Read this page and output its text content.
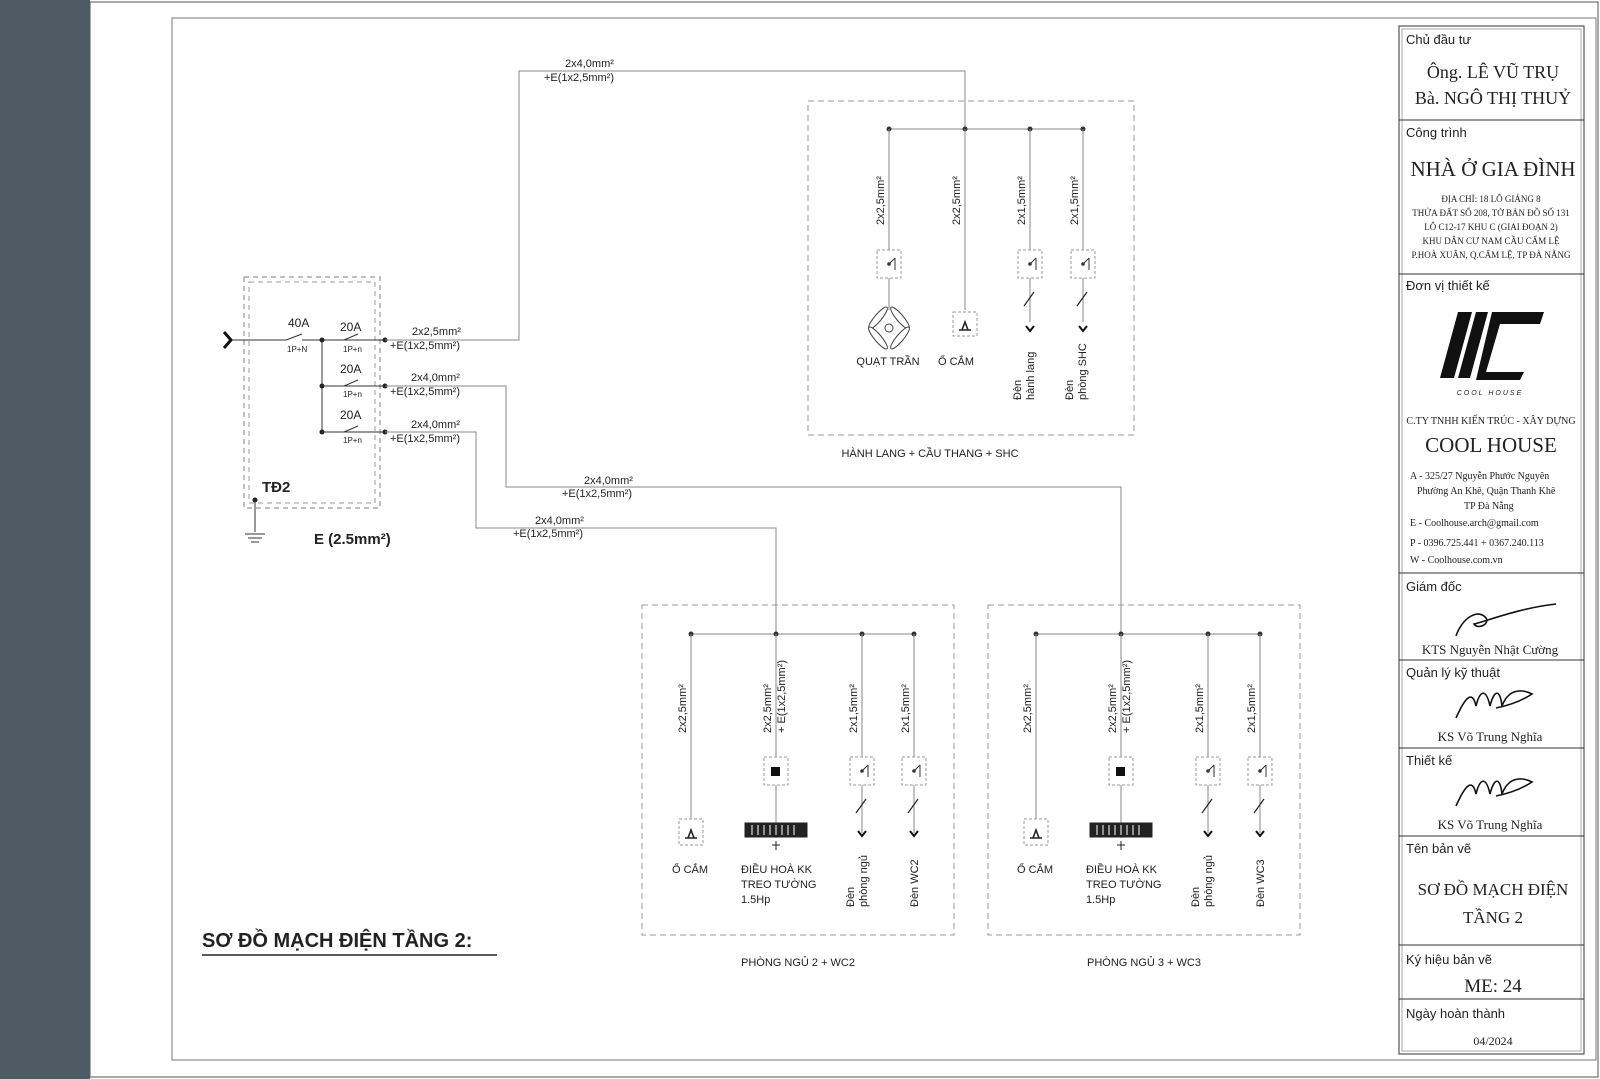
40A
1P+N
20A
1P+n
20A
1P+n
20A
1P+n
TĐ2
E (2.5mm²)
2x2,5mm²
+E(1x2,5mm²)
2x4,0mm²
+E(1x2,5mm²)
2x4,0mm²
+E(1x2,5mm²)
2x4,0mm²
+E(1x2,5mm²)
2x4,0mm²
+E(1x2,5mm²)
2x4,0mm²
+E(1x2,5mm²)
2x2,5mm²	2x2,5mm²	2x1,5mm²	2x1,5mm²
QUẠT TRẦN Ổ CẮM
Đèn hành lang Đèn phòng SHC
HÀNH LANG + CẦU THANG + SHC
2x2,5mm²	2x2,5mm² + E(1x2,5mm²)	2x1,5mm²	2x1,5mm²
Ổ CẮM	ĐIỀU HOÀ KK
TREO TƯỜNG
1.5Hp	Đèn phòng ngủ	Đèn WC2
PHÒNG NGỦ 2 + WC2
2x2,5mm²	2x2,5mm² + E(1x2,5mm²)	2x1,5mm²	2x1,5mm²
Ổ CẮM	ĐIỀU HOÀ KK
TREO TƯỜNG
1.5Hp	Đèn phòng ngủ	Đèn WC3
PHÒNG NGỦ 3 + WC3
SƠ ĐỒ MẠCH ĐIỆN TẦNG 2:
Chủ đầu tư
Ông. LÊ VŨ TRỤ
Bà. NGÔ THỊ THUỶ
Công trình
NHÀ Ở GIA ĐÌNH
ĐỊA CHỈ: 18 LÔ GIÁNG 8
THỬA ĐẤT SỐ 208, TỜ BẢN ĐỒ SỐ 131
LÔ C12-17 KHU C (GIAI ĐOẠN 2)
KHU DÂN CƯ NAM CẦU CẨM LỆ
P.HOÀ XUÂN, Q.CẨM LỆ, TP ĐÀ NẴNG
Đơn vị thiết kế
COOL HOUSE
C.TY TNHH KIẾN TRÚC - XÂY DỰNG
COOL HOUSE
A - 325/27 Nguyễn Phước Nguyên
Phường An Khê, Quận Thanh Khê
TP Đà Nẵng
E - Coolhouse.arch@gmail.com
P - 0396.725.441 + 0367.240.113
W - Coolhouse.com.vn
Giám đốc
KTS Nguyễn Nhật Cường
Quản lý kỹ thuật
KS Võ Trung Nghĩa
Thiết kế
KS Võ Trung Nghĩa
Tên bản vẽ
SƠ ĐỒ MẠCH ĐIỆN
TẦNG 2
Ký hiệu bản vẽ
ME: 24
Ngày hoàn thành
04/2024
